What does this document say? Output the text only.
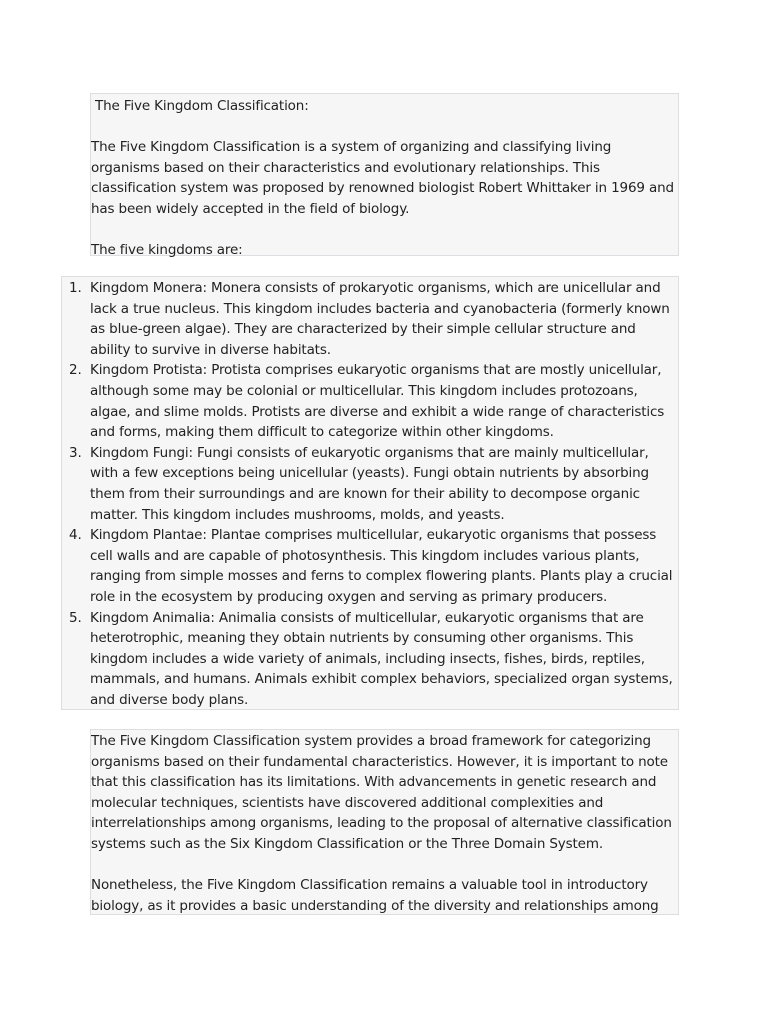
The Five Kingdom Classification:

The Five Kingdom Classification is a system of organizing and classifying living organisms based on their characteristics and evolutionary relationships. This classification system was proposed by renowned biologist Robert Whittaker in 1969 and has been widely accepted in the field of biology.

The five kingdoms are:

1. Kingdom Monera: Monera consists of prokaryotic organisms, which are unicellular and lack a true nucleus. This kingdom includes bacteria and cyanobacteria (formerly known as blue-green algae). They are characterized by their simple cellular structure and ability to survive in diverse habitats.
2. Kingdom Protista: Protista comprises eukaryotic organisms that are mostly unicellular, although some may be colonial or multicellular. This kingdom includes protozoans, algae, and slime molds. Protists are diverse and exhibit a wide range of characteristics and forms, making them difficult to categorize within other kingdoms.
3. Kingdom Fungi: Fungi consists of eukaryotic organisms that are mainly multicellular, with a few exceptions being unicellular (yeasts). Fungi obtain nutrients by absorbing them from their surroundings and are known for their ability to decompose organic matter. This kingdom includes mushrooms, molds, and yeasts.
4. Kingdom Plantae: Plantae comprises multicellular, eukaryotic organisms that possess cell walls and are capable of photosynthesis. This kingdom includes various plants, ranging from simple mosses and ferns to complex flowering plants. Plants play a crucial role in the ecosystem by producing oxygen and serving as primary producers.
5. Kingdom Animalia: Animalia consists of multicellular, eukaryotic organisms that are heterotrophic, meaning they obtain nutrients by consuming other organisms. This kingdom includes a wide variety of animals, including insects, fishes, birds, reptiles, mammals, and humans. Animals exhibit complex behaviors, specialized organ systems, and diverse body plans.

The Five Kingdom Classification system provides a broad framework for categorizing organisms based on their fundamental characteristics. However, it is important to note that this classification has its limitations. With advancements in genetic research and molecular techniques, scientists have discovered additional complexities and interrelationships among organisms, leading to the proposal of alternative classification systems such as the Six Kingdom Classification or the Three Domain System.

Nonetheless, the Five Kingdom Classification remains a valuable tool in introductory biology, as it provides a basic understanding of the diversity and relationships among
